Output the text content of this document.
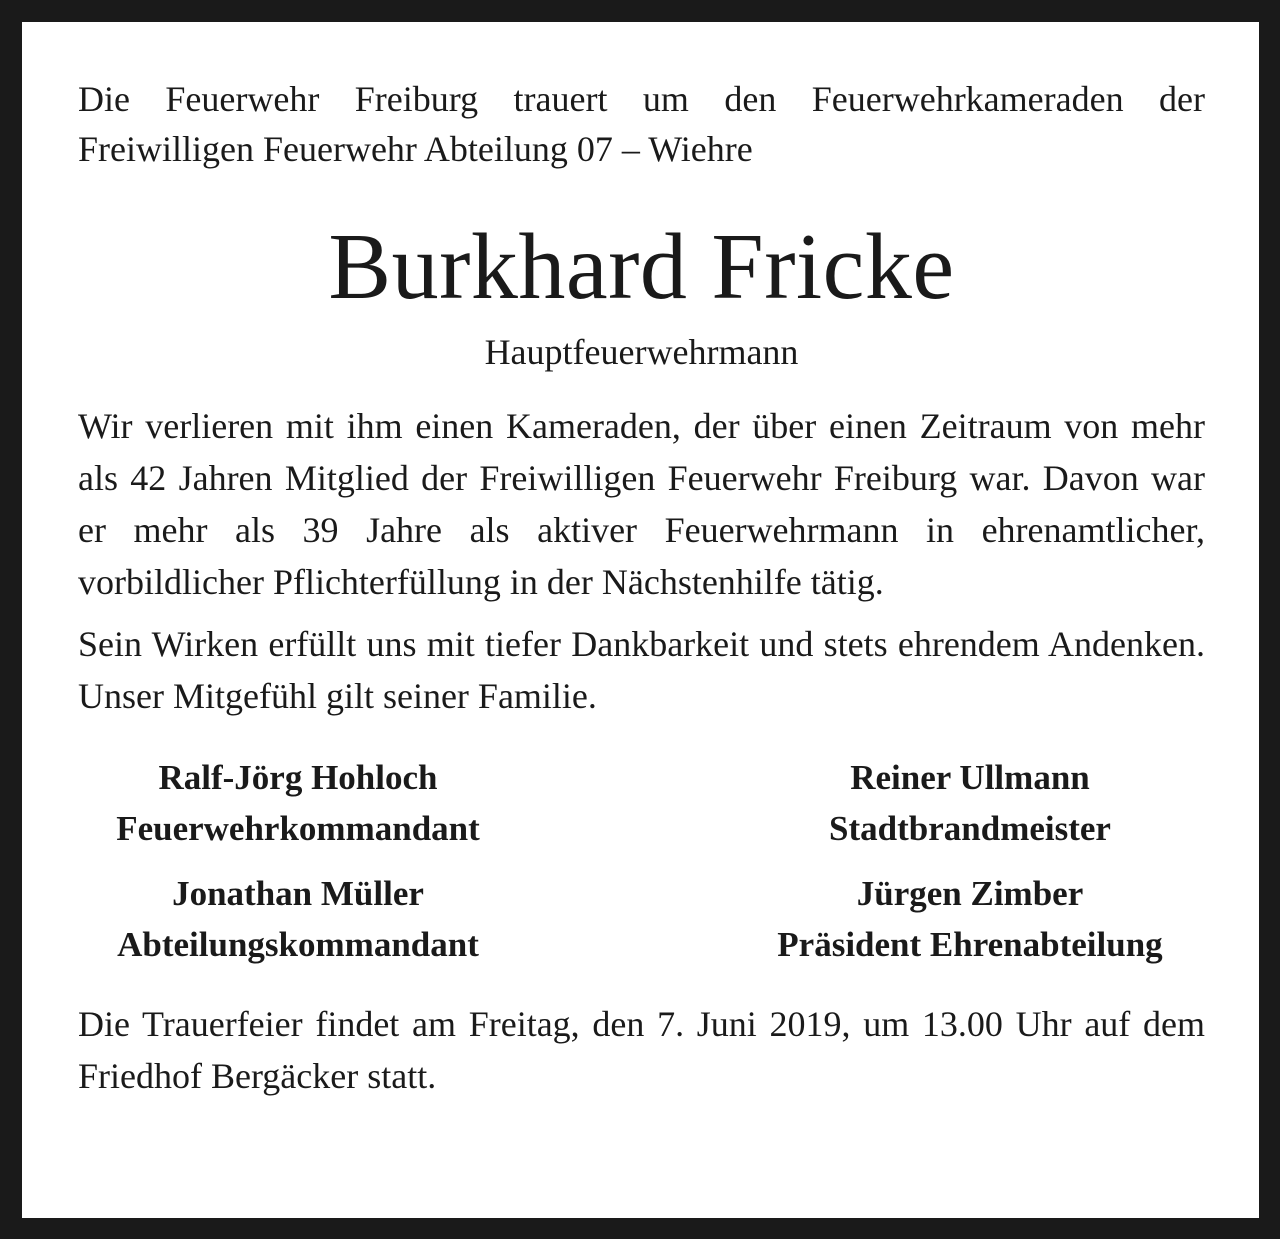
Die Feuerwehr Freiburg trauert um den Feuerwehrkameraden der
Freiwilligen Feuerwehr Abteilung 07 – Wiehre

Burkhard Fricke

Hauptfeuerwehrmann

Wir verlieren mit ihm einen Kameraden, der über einen Zeitraum von mehr als 42 Jahren Mitglied der Freiwilligen Feuerwehr Freiburg war. Davon war er mehr als 39 Jahre als aktiver Feuerwehrmann in ehrenamtlicher, vorbildlicher Pflichterfüllung in der Nächstenhilfe tätig.

Sein Wirken erfüllt uns mit tiefer Dankbarkeit und stets ehrendem Andenken. Unser Mitgefühl gilt seiner Familie.

Ralf-Jörg Hohloch
Feuerwehrkommandant
Reiner Ullmann
Stadtbrandmeister
Jonathan Müller
Abteilungskommandant
Jürgen Zimber
Präsident Ehrenabteilung

Die Trauerfeier findet am Freitag, den 7. Juni 2019, um 13.00 Uhr auf dem Friedhof Bergäcker statt.
